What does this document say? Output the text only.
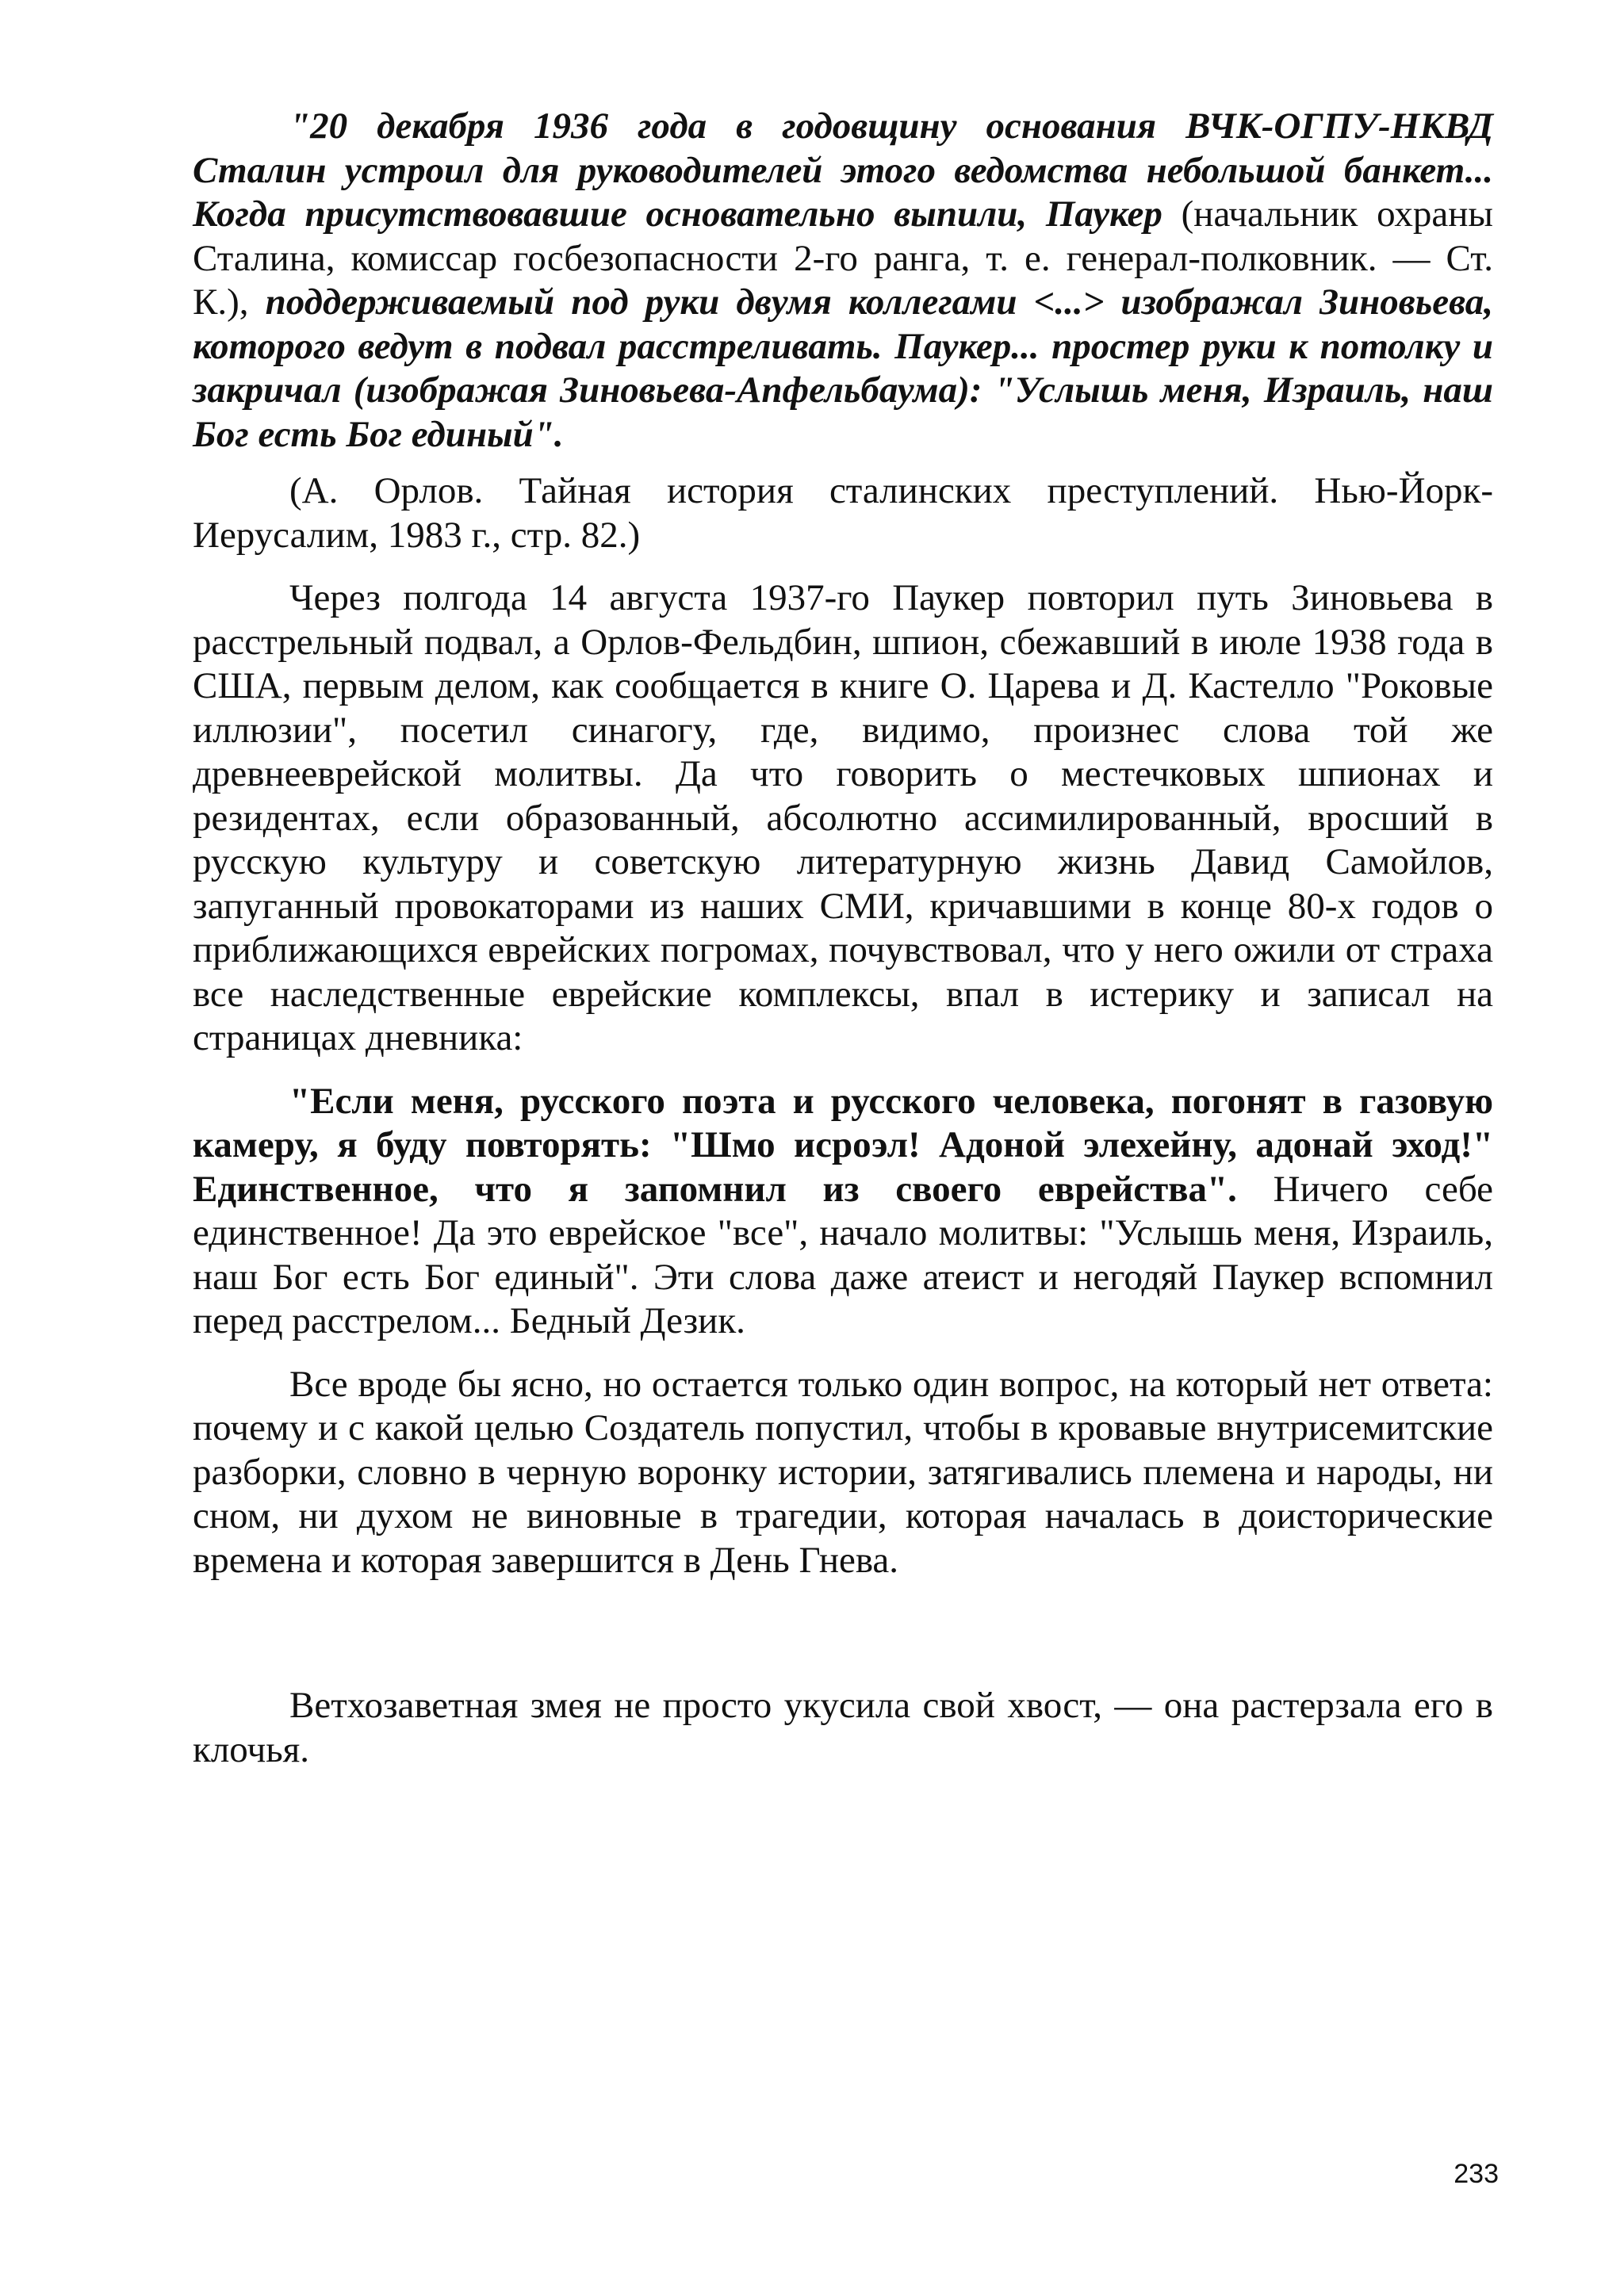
"20 декабря 1936 года в годовщину основания ВЧК-ОГПУ-НКВД Сталин устроил для руководителей этого ведомства небольшой банкет... Когда присутствовавшие основательно выпили, Паукер (начальник охраны Сталина, комиссар госбезопасности 2-го ранга, т. е. генерал-полковник. — Ст. К.), поддерживаемый под руки двумя коллегами <...> изображал Зиновьева, которого ведут в подвал расстреливать. Паукер... простер руки к потолку и закричал (изображая Зиновьева-Апфельбаума): "Услышь меня, Израиль, наш Бог есть Бог единый".

(А. Орлов. Тайная история сталинских преступлений. Нью-Йорк-Иерусалим, 1983 г., стр. 82.)

Через полгода 14 августа 1937-го Паукер повторил путь Зиновьева в расстрельный подвал, а Орлов-Фельдбин, шпион, сбежавший в июле 1938 года в США, первым делом, как сообщается в книге О. Царева и Д. Кастелло "Роковые иллюзии", посетил синагогу, где, видимо, произнес слова той же древнееврейской молитвы. Да что говорить о местечковых шпионах и резидентах, если образованный, абсолютно ассимилированный, вросший в русскую культуру и советскую литературную жизнь Давид Самойлов, запуганный провокаторами из наших СМИ, кричавшими в конце 80-х годов о приближающихся еврейских погромах, почувствовал, что у него ожили от страха все наследственные еврейские комплексы, впал в истерику и записал на страницах дневника:

"Если меня, русского поэта и русского человека, погонят в газовую камеру, я буду повторять: "Шмо исроэл! Адоной элехейну, адонай эход!" Единственное, что я запомнил из своего еврейства". Ничего себе единственное! Да это еврейское "все", начало молитвы: "Услышь меня, Израиль, наш Бог есть Бог единый". Эти слова даже атеист и негодяй Паукер вспомнил перед расстрелом... Бедный Дезик.

Все вроде бы ясно, но остается только один вопрос, на который нет ответа: почему и с какой целью Создатель попустил, чтобы в кровавые внутрисемитские разборки, словно в черную воронку истории, затягивались племена и народы, ни сном, ни духом не виновные в трагедии, которая началась в доисторические времена и которая завершится в День Гнева.

Ветхозаветная змея не просто укусила свой хвост, — она растерзала его в клочья.

233
